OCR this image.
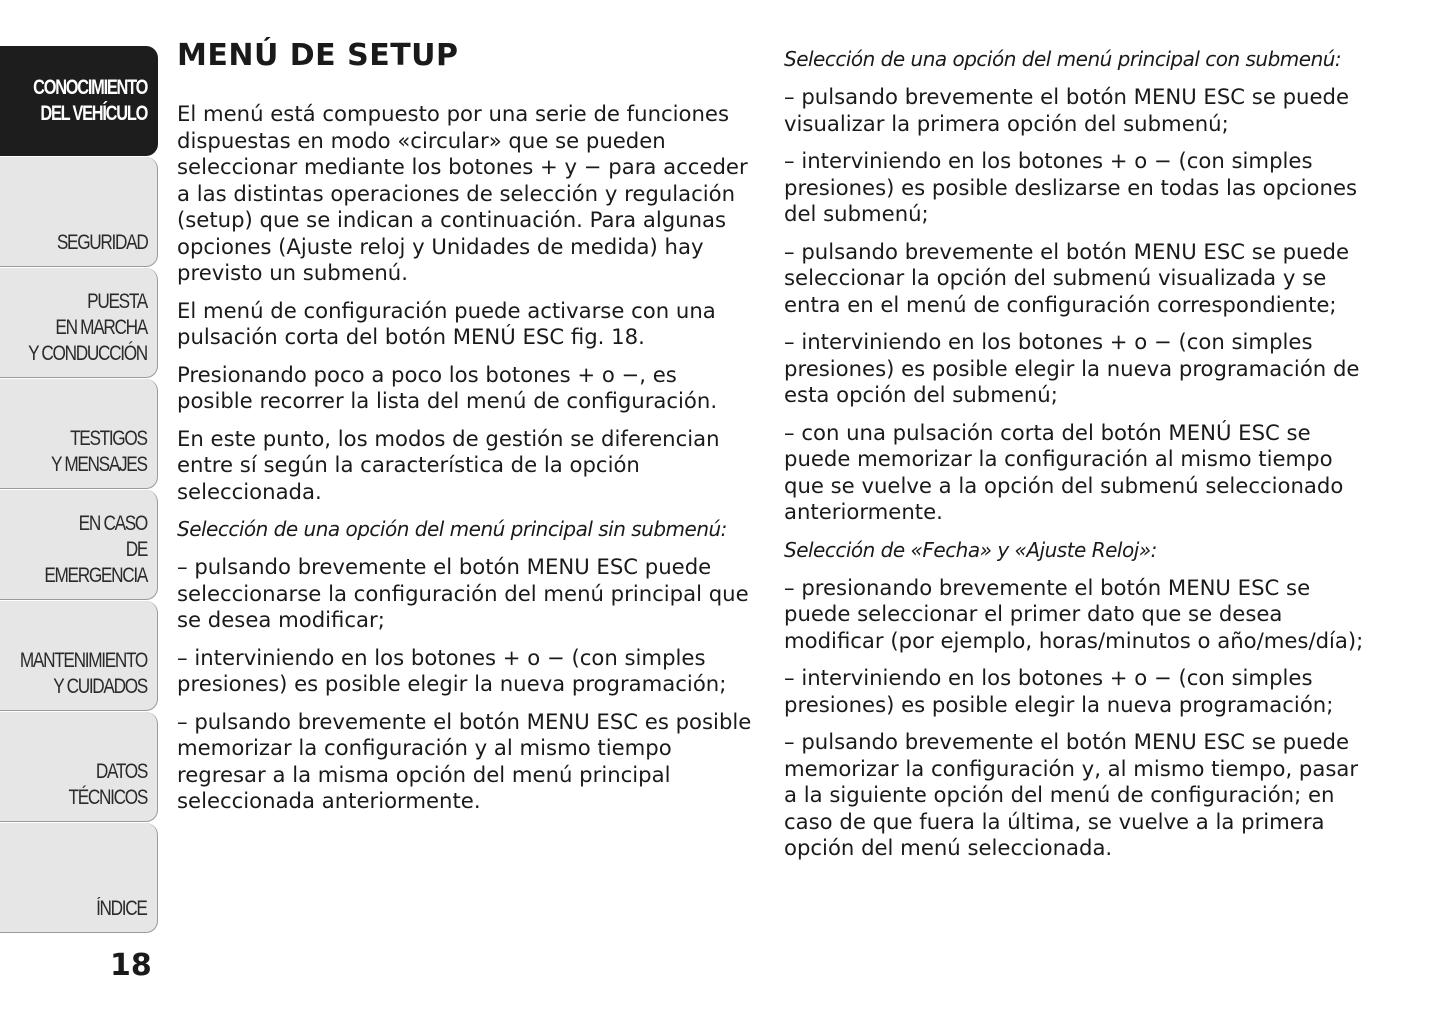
CONOCIMIENTO
DEL VEHÍCULO
SEGURIDAD
PUESTA
EN MARCHA
Y CONDUCCIÓN
TESTIGOS
Y MENSAJES
EN CASO
DE EMERGENCIA
MANTENIMIENTO
Y CUIDADOS
DATOS TÉCNICOS
ÍNDICE
18
MENÚ DE SETUP

El menú está compuesto por una serie de funciones dispuestas en modo «circular» que se pueden seleccionar mediante los botones + y − para acceder a las distintas operaciones de selección y regulación (setup) que se indican a continuación. Para algunas opciones (Ajuste reloj y Unidades de medida) hay previsto un submenú.

El menú de configuración puede activarse con una pulsación corta del botón MENÚ ESC fig. 18.

Presionando poco a poco los botones + o −, es posible recorrer la lista del menú de configuración.

En este punto, los modos de gestión se diferencian entre sí según la característica de la opción seleccionada.

Selección de una opción del menú principal sin submenú:

– pulsando brevemente el botón MENU ESC puede seleccionarse la configuración del menú principal que se desea modificar;

– interviniendo en los botones + o − (con simples presiones) es posible elegir la nueva programación;

– pulsando brevemente el botón MENU ESC es posible memorizar la configuración y al mismo tiempo regresar a la misma opción del menú principal seleccionada anteriormente.

Selección de una opción del menú principal con submenú:

– pulsando brevemente el botón MENU ESC se puede visualizar la primera opción del submenú;

– interviniendo en los botones + o − (con simples presiones) es posible deslizarse en todas las opciones del submenú;

– pulsando brevemente el botón MENU ESC se puede seleccionar la opción del submenú visualizada y se entra en el menú de configuración correspondiente;

– interviniendo en los botones + o − (con simples presiones) es posible elegir la nueva programación de esta opción del submenú;

– con una pulsación corta del botón MENÚ ESC se puede memorizar la configuración al mismo tiempo que se vuelve a la opción del submenú seleccionado anteriormente.

Selección de «Fecha» y «Ajuste Reloj»:

– presionando brevemente el botón MENU ESC se puede seleccionar el primer dato que se desea modificar (por ejemplo, horas/minutos o año/mes/día);

– interviniendo en los botones + o − (con simples presiones) es posible elegir la nueva programación;

– pulsando brevemente el botón MENU ESC se puede memorizar la configuración y, al mismo tiempo, pasar a la siguiente opción del menú de configuración; en caso de que fuera la última, se vuelve a la primera opción del menú seleccionada.
